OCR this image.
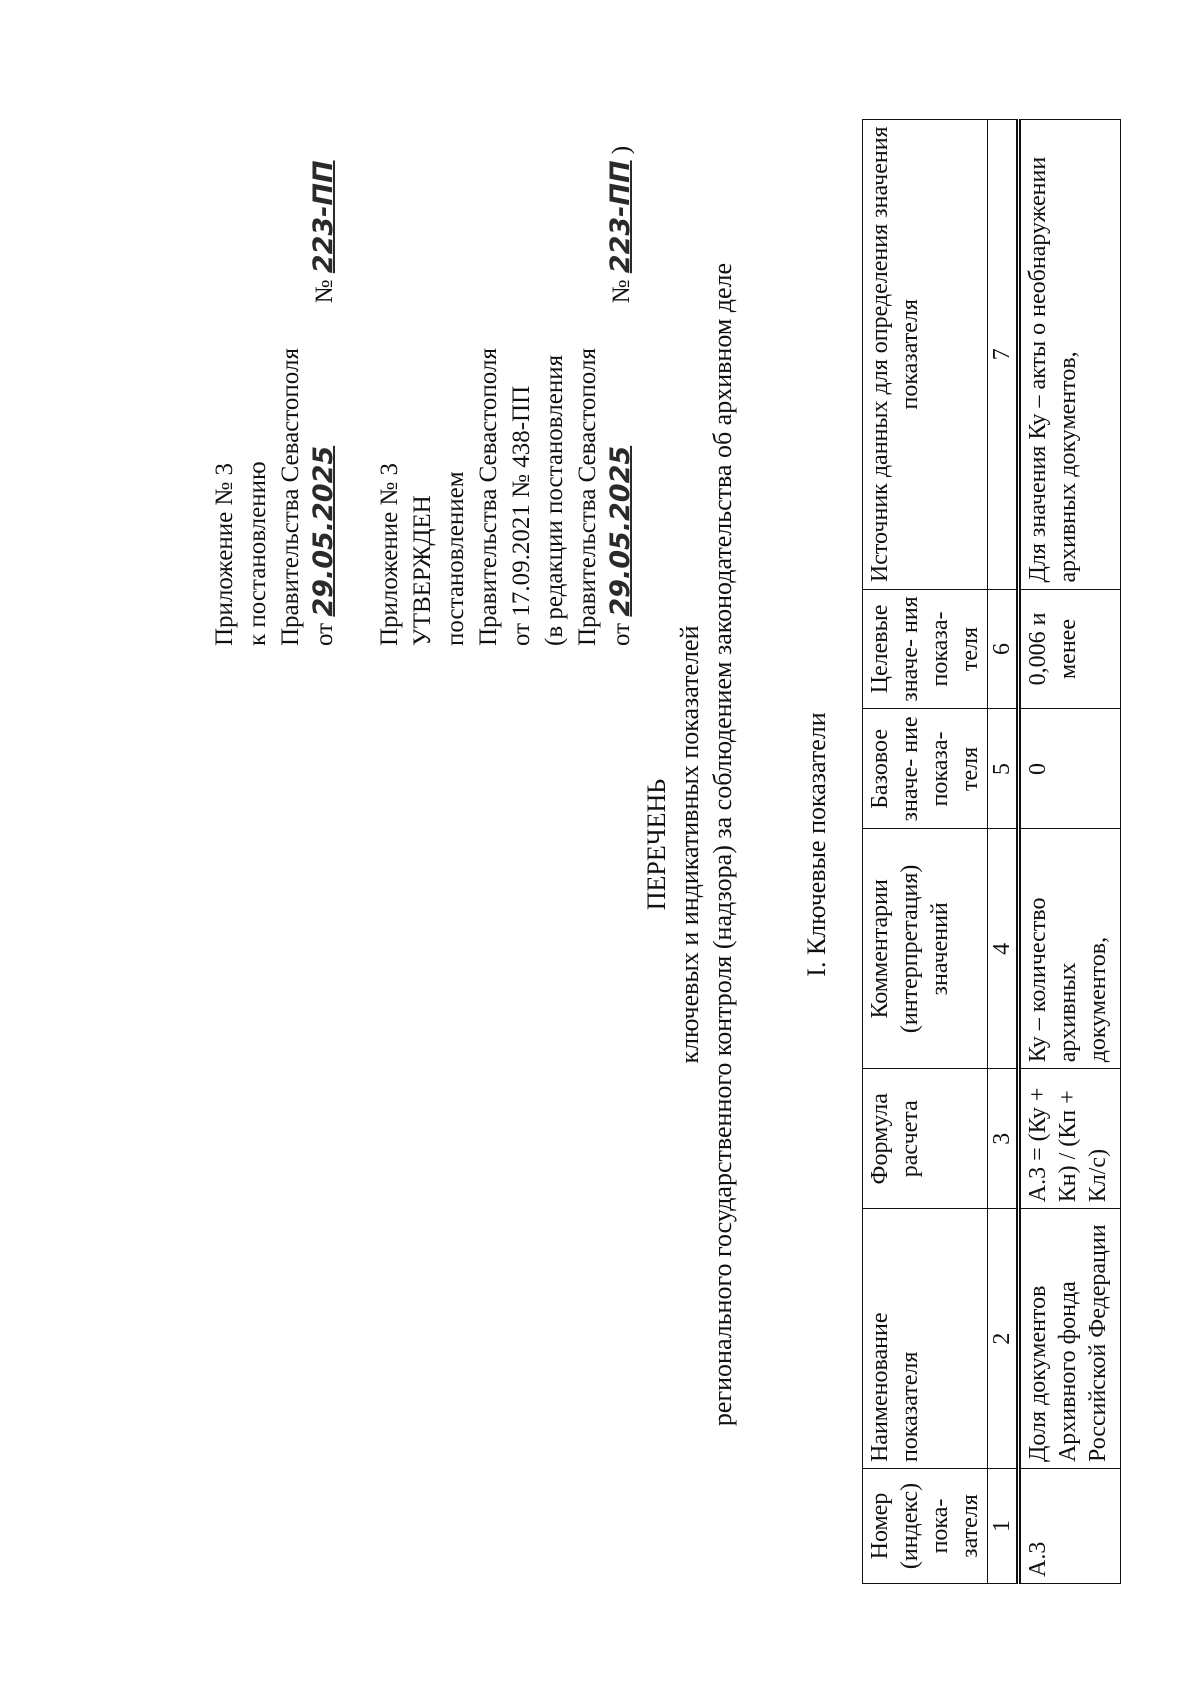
Приложение № 3 к постановлению Правительства Севастополя от 29.05.2025  № 223-ПП
Приложение № 3 УТВЕРЖДЕН постановлением Правительства Севастополя от 17.09.2021 № 438-ПП (в редакции постановления Правительства Севастополя от 29.05.2025  № 223-ПП )
ПЕРЕЧЕНЬ ключевых и индикативных показателей регионального государственного контроля (надзора) за соблюдением законодательства об архивном деле	I. Ключевые показатели
Номер (индекс) пока- зателя	Наименование показателя	Формула расчета	Комментарии (интерпретация) значений	Базовое значе- ние показа- теля	Целевые значе- ния показа- теля	Источник данных для определения значения показателя
1	2	3	4	5	6	7
А.3	Доля документов Архивного фонда Российской Федерации	А.3 = (Ку + Кн) / (Кп + Кл/с)	Ку – количество архивных документов,	0	0,006 и менее	Для значения Ку – акты о необнаружении архивных документов,
